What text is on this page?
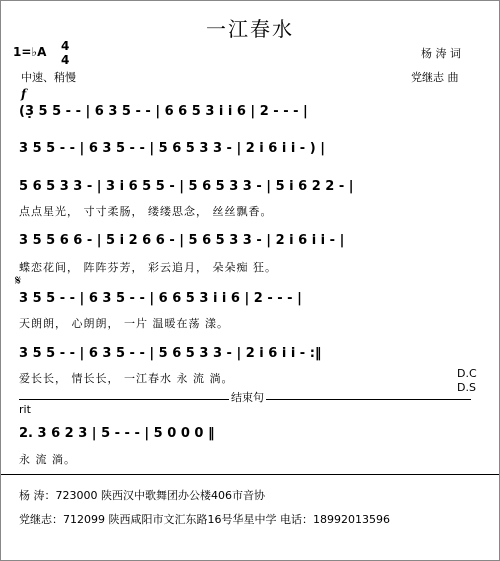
一江春水
1=♭A 4
4
中速、稍慢
f
杨 涛 词
党继志 曲
(3̣ 5 5 - - | 6 3 5 - - | 6 6 5 3 i i 6 | 2 - - - |
3 5 5 - - | 6 3 5 - - | 5 6 5 3 3 - | 2 i 6 i i - ) |
5 6 5 3 3 - | 3 i 6 5 5 - | 5 6 5 3 3 - | 5 i 6 2 2 - |
点点星光， 寸寸柔肠， 缕缕思念， 丝丝飘香。
3 5 5 6 6 - | 5 i 2 6 6 - | 5 6 5 3 3 - | 2 i 6 i i - |
蝶恋花间， 阵阵芬芳， 彩云追月， 朵朵痴 狂。
𝄋
3 5 5 - - | 6 3 5 - - | 6 6 5 3 i i 6 | 2 - - - |
天朗朗， 心朗朗， 一片 温暖在荡 漾。
3 5 5 - - | 6 3 5 - - | 5 6 5 3 3 - | 2 i 6 i i - :‖
爱长长， 情长长， 一江春水 永 流 淌。	D.C
D.S
rit
结束句
2. 3 6 2 3 | 5 - - - | 5 0 0 0 ‖
永 流 淌。
杨 涛：723000 陕西汉中歌舞团办公楼406市音协
党继志：712099 陕西咸阳市文汇东路16号华星中学 电话：18992013596
